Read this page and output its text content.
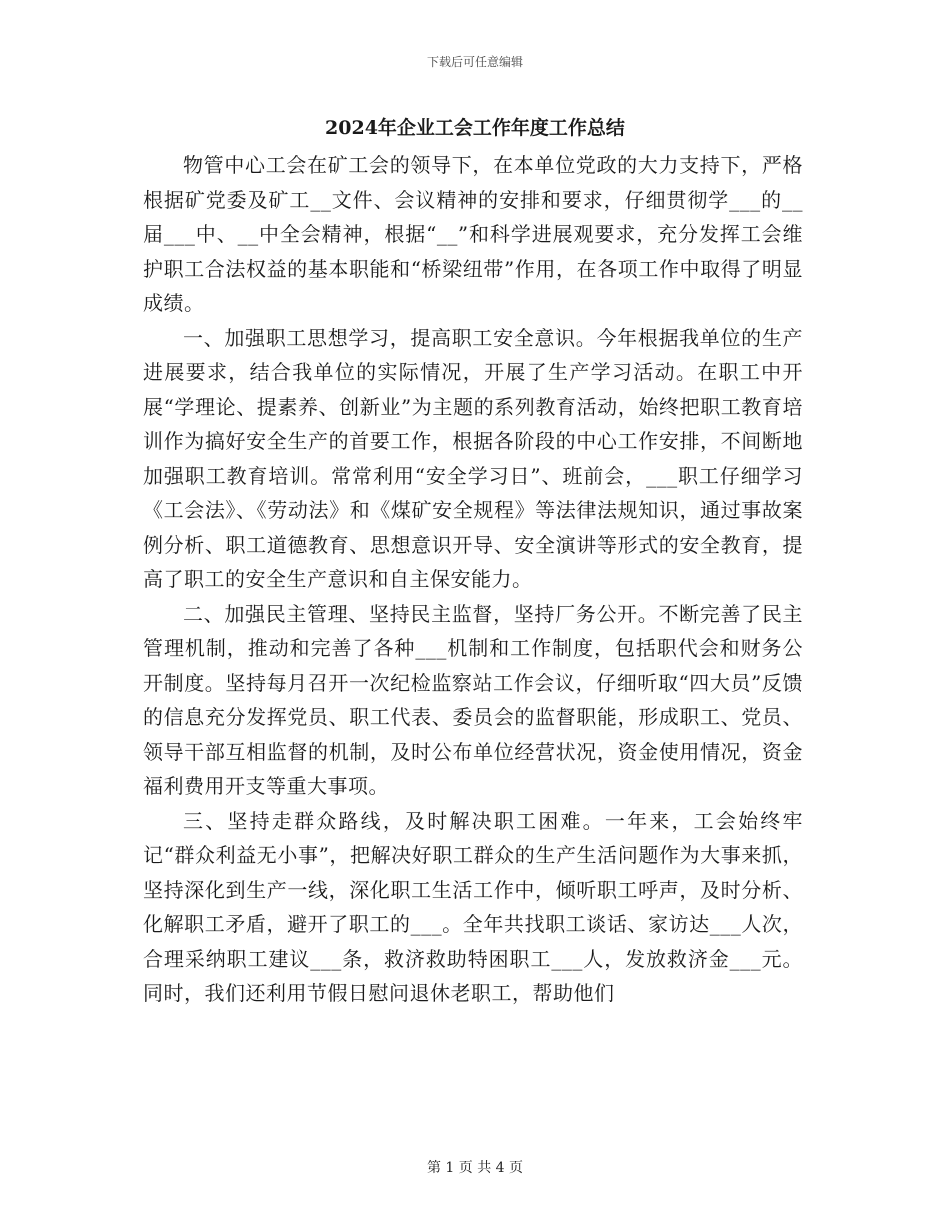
下载后可任意编辑
2024年企业工会工作年度工作总结

物管中心工会在矿工会的领导下，在本单位党政的大力支持下，严格根据矿党委及矿工__文件、会议精神的安排和要求，仔细贯彻学___的__届___中、__中全会精神，根据“__”和科学进展观要求，充分发挥工会维护职工合法权益的基本职能和“桥梁纽带”作用，在各项工作中取得了明显成绩。

一、加强职工思想学习，提高职工安全意识。今年根据我单位的生产进展要求，结合我单位的实际情况，开展了生产学习活动。在职工中开展“学理论、提素养、创新业”为主题的系列教育活动，始终把职工教育培训作为搞好安全生产的首要工作，根据各阶段的中心工作安排，不间断地加强职工教育培训。常常利用“安全学习日”、班前会，___职工仔细学习《工会法》、《劳动法》和《煤矿安全规程》等法律法规知识，通过事故案例分析、职工道德教育、思想意识开导、安全演讲等形式的安全教育，提高了职工的安全生产意识和自主保安能力。

二、加强民主管理、坚持民主监督，坚持厂务公开。不断完善了民主管理机制，推动和完善了各种___机制和工作制度，包括职代会和财务公开制度。坚持每月召开一次纪检监察站工作会议，仔细听取“四大员”反馈的信息充分发挥党员、职工代表、委员会的监督职能，形成职工、党员、领导干部互相监督的机制，及时公布单位经营状况，资金使用情况，资金福利费用开支等重大事项。

三、坚持走群众路线，及时解决职工困难。一年来，工会始终牢记“群众利益无小事”，把解决好职工群众的生产生活问题作为大事来抓，坚持深化到生产一线，深化职工生活工作中，倾听职工呼声，及时分析、化解职工矛盾，避开了职工的___。全年共找职工谈话、家访达___人次，合理采纳职工建议___条，救济救助特困职工___人，发放救济金___元。同时，我们还利用节假日慰问退休老职工，帮助他们

第 1 页 共 4 页
